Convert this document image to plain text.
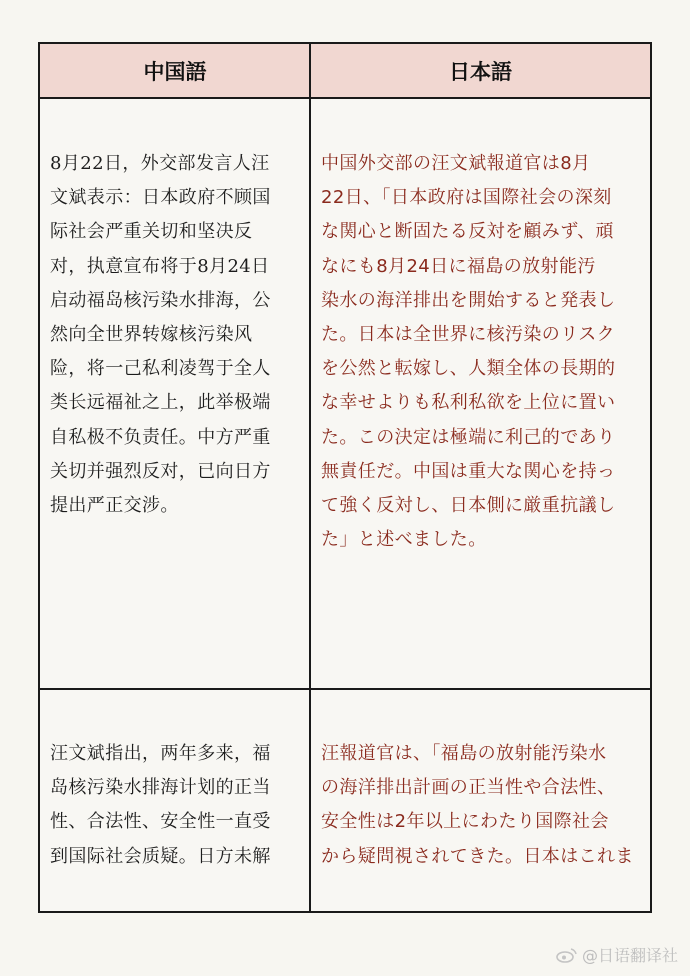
中国語	日本語

8月22日，外交部发言人汪
文斌表示：日本政府不顾国
际社会严重关切和坚决反
对，执意宣布将于8月24日
启动福岛核污染水排海，公
然向全世界转嫁核污染风
险，将一己私利凌驾于全人
类长远福祉之上，此举极端
自私极不负责任。中方严重
关切并强烈反对，已向日方
提出严正交涉。

中国外交部の汪文斌報道官は8月
22日、「日本政府は国際社会の深刻
な関心と断固たる反対を顧みず、頑
なにも8月24日に福島の放射能汚
染水の海洋排出を開始すると発表し
た。日本は全世界に核汚染のリスク
を公然と転嫁し、人類全体の長期的
な幸せよりも私利私欲を上位に置い
た。この決定は極端に利己的であり
無責任だ。中国は重大な関心を持っ
て強く反対し、日本側に厳重抗議し
た」と述べました。

汪文斌指出，两年多来，福
岛核污染水排海计划的正当
性、合法性、安全性一直受
到国际社会质疑。日方未解

汪報道官は、「福島の放射能汚染水
の海洋排出計画の正当性や合法性、
安全性は2年以上にわたり国際社会
から疑問視されてきた。日本はこれま

@日语翻译社
